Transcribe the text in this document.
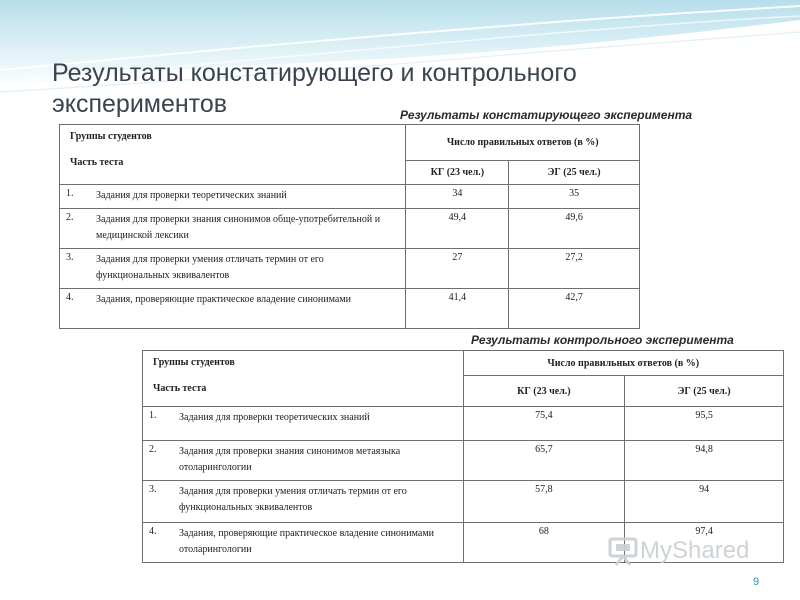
Результаты констатирующего и контрольного экспериментов	Результаты констатирующего эксперимента
Группы студентов
Часть теста	Число правильных ответов (в %)	
	КГ (23 чел.)	ЭГ (25 чел.)

1. Задания для проверки теоретических знаний	34	35

2. Задания для проверки знания синонимов обще-употребительной и медицинской лексики	49,4	49,6

3. Задания для проверки умения отличать термин от его функциональных эквивалентов	27	27,2

4. Задания, проверяющие практическое владение синонимами	41,4	42,7
Результаты контрольного эксперимента
Группы студентов
Часть теста	Число правильных ответов (в %)	
	КГ (23 чел.)	ЭГ (25 чел.)

1. Задания для проверки теоретических знаний	75,4	95,5

2. Задания для проверки знания синонимов метаязыка отоларингологии	65,7	94,8

3. Задания для проверки умения отличать термин от его функциональных эквивалентов	57,8	94

4. Задания, проверяющие практическое владение синонимами отоларингологии	68	97,4
MyShared
9
